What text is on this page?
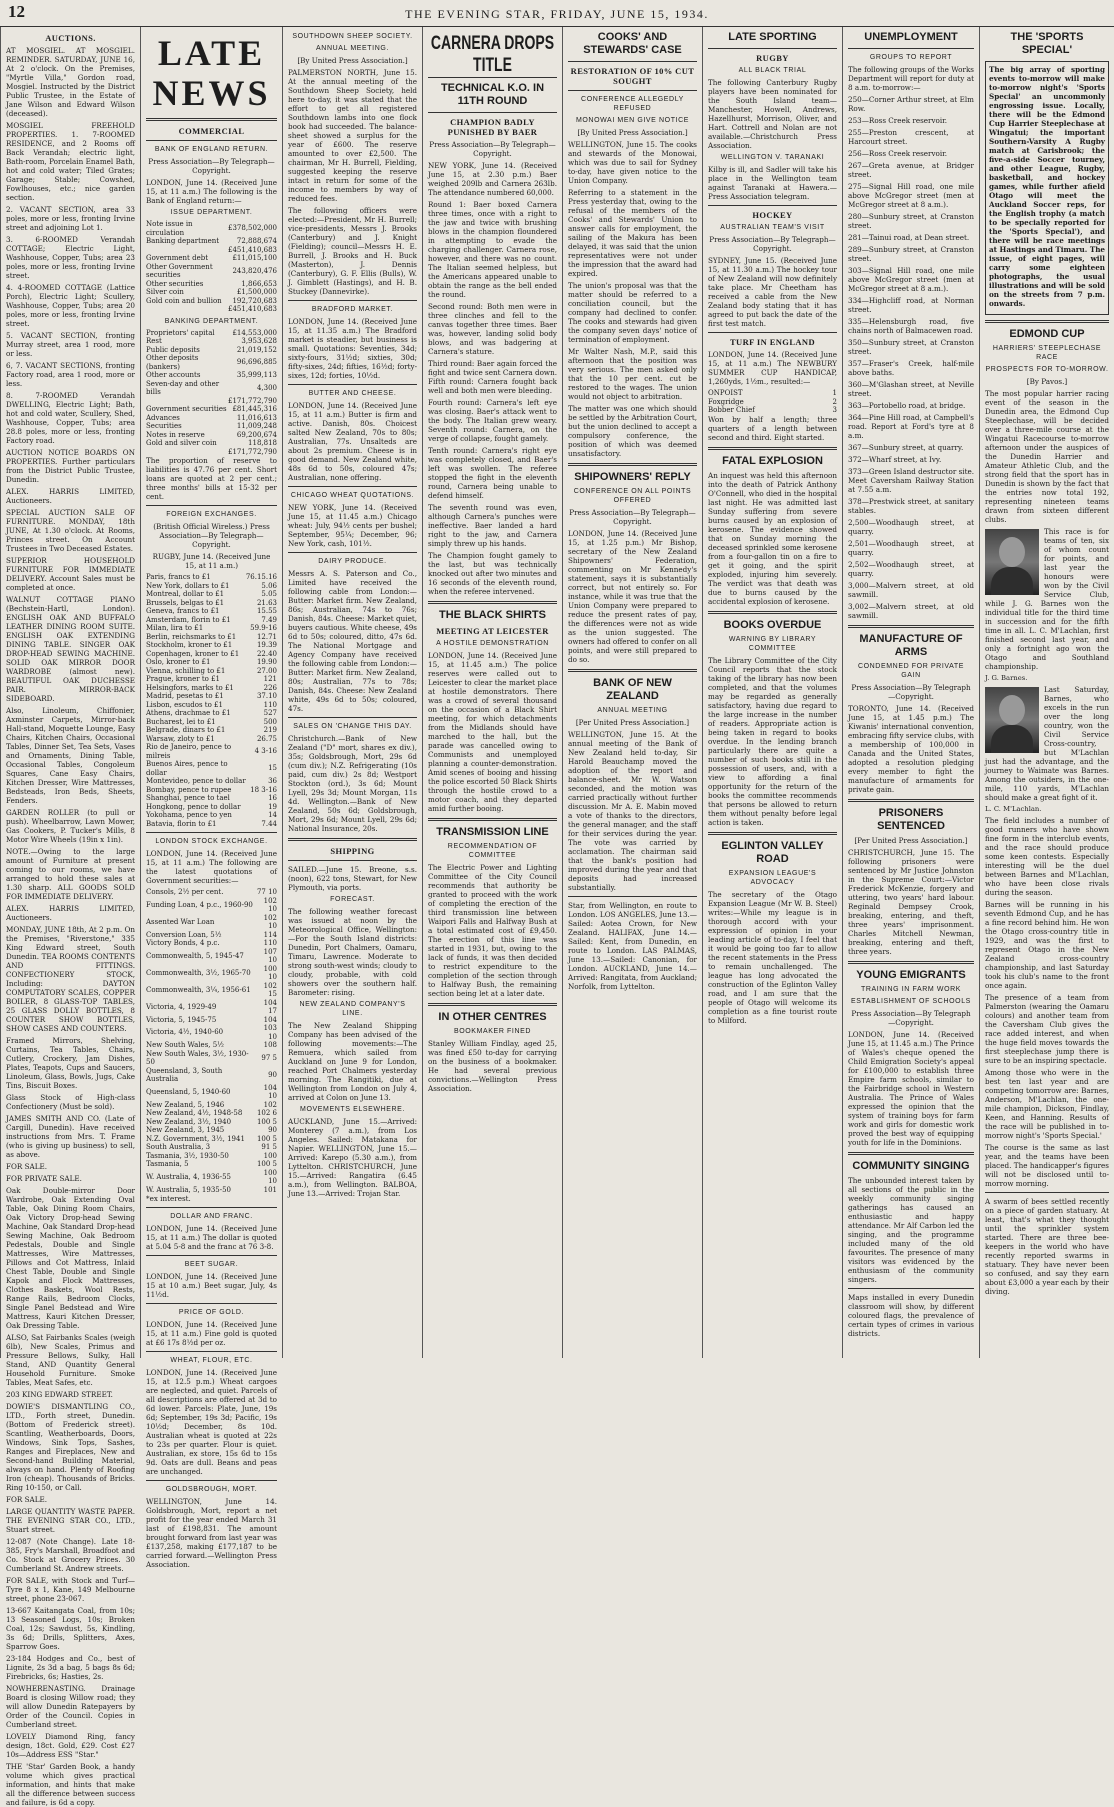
12	THE EVENING STAR, FRIDAY, JUNE 15, 1934.
AUCTIONS.

AT MOSGIEL. AT MOSGIEL. REMINDER. SATURDAY, JUNE 16, At 2 o'clock. On the Premises, "Myrtle Villa," Gordon road, Mosgiel. Instructed by the District Public Trustee, in the Estate of Jane Wilson and Edward Wilson (deceased).

MOSGIEL FREEHOLD PROPERTIES. 1. 7-ROOMED RESIDENCE, and 2 Rooms off Back Verandah; electric light, Bath-room, Porcelain Enamel Bath, hot and cold water; Tiled Grates; Garage; Stable; Cowshed, Fowlhouses, etc.; nice garden section.

2. VACANT SECTION, area 33 poles, more or less, fronting Irvine street and adjoining Lot 1.

3. 6-ROOMED Verandah COTTAGE; Electric Light, Washhouse, Copper, Tubs; area 23 poles, more or less, fronting Irvine street.

4. 4-ROOMED COTTAGE (Lattice Porch), Electric Light; Scullery, Washhouse, Copper, Tubs; area 20 poles, more or less, fronting Irvine street.

5. VACANT SECTION, fronting Murray street, area 1 rood, more or less.

6, 7. VACANT SECTIONS, fronting Factory road, area 1 rood, more or less.

8. 7-ROOMED Verandah DWELLING, Electric Light; Bath, hot and cold water, Scullery, Shed, Washhouse, Copper, Tubs; area 28.8 poles, more or less, fronting Factory road.

AUCTION NOTICE BOARDS ON PROPERTIES. Further particulars from the District Public Trustee, Dunedin.

ALEX. HARRIS LIMITED, Auctioneers.

SPECIAL AUCTION SALE OF FURNITURE. MONDAY, 18th JUNE, At 1.30 o'clock. At Rooms, Princes street. On Account Trustees in Two Deceased Estates.

SUPERIOR HOUSEHOLD FURNITURE FOR IMMEDIATE DELIVERY. Account Sales must be completed at once.

WALNUT COTTAGE PIANO (Bechstein-Hartl, London). ENGLISH OAK AND BUFFALO LEATHER DINING ROOM SUITE. ENGLISH OAK EXTENDING DINING TABLE. SINGER OAK DROP-HEAD SEWING MACHINE. SOLID OAK MIRROR DOOR WARDROBE (almost new). BEAUTIFUL OAK DUCHESSE PAIR. MIRROR-BACK SIDEBOARD.

Also, Linoleum, Chiffonier, Axminster Carpets, Mirror-back Hall-stand, Moquette Lounge, Easy Chairs, Kitchen Chairs, Occasional Tables, Dinner Set, Tea Sets, Vases and Ornaments, Dining Table, Occasional Tables, Congoleum Squares, Cane Easy Chairs, Kitchen Dresser, Wire Mattresses, Bedsteads, Iron Beds, Sheets, Fenders.

GARDEN ROLLER (to pull or push). Wheelbarrow, Lawn Mower, Gas Cookers, P. Tucker's Mills, 8 Motor Wire Wheels (19in x 1in).

NOTE.—Owing to the large amount of Furniture at present coming to our rooms, we have arranged to hold these sales at 1.30 sharp. ALL GOODS SOLD FOR IMMEDIATE DELIVERY.

ALEX. HARRIS LIMITED, Auctioneers.

MONDAY, JUNE 18th, At 2 p.m. On the Premises, "Riverstone," 335 King Edward street, South Dunedin. TEA ROOMS CONTENTS AND FITTINGS. CONFECTIONERY STOCK, Including: DAYTON COMPUTATORY SCALES, COPPER BOILER, 8 GLASS-TOP TABLES, 25 GLASS DOLLY BOTTLES, 8 COUNTER SHOW BOTTLES, SHOW CASES AND COUNTERS.

Framed Mirrors, Shelving, Curtains, Tea Tables, Chairs, Cutlery, Crockery, Jam Dishes, Plates, Teapots, Cups and Saucers, Linoleum, Glass, Bowls, Jugs, Cake Tins, Biscuit Boxes.

Glass Stock of High-class Confectionery (Must be sold).

JAMES SMITH AND CO. (Late of Cargill, Dunedin). Have received instructions from Mrs. T. Frame (who is giving up business) to sell, as above.

FOR SALE.

FOR PRIVATE SALE.

Oak Double-mirror Door Wardrobe, Oak Extending Oval Table, Oak Dining Room Chairs, Oak Victory Drop-head Sewing Machine, Oak Standard Drop-head Sewing Machine, Oak Bedroom Pedestals, Double and Single Mattresses, Wire Mattresses, Pillows and Cot Mattress, Inlaid Chest Table, Double and Single Kapok and Flock Mattresses, Clothes Baskets, Wool Rests, Range Rails, Bedroom Clocks, Single Panel Bedstead and Wire Mattress, Kauri Kitchen Dresser, Oak Dressing Table.

ALSO, Sat Fairbanks Scales (weigh 6lb), New Scales, Primus and Pressure Bellows, Sulky, Hall Stand, AND Quantity General Household Furniture. Smoke Tables, Meat Safes, etc.

203 KING EDWARD STREET.

DOWIE'S DISMANTLING CO., LTD., Forth street, Dunedin. (Bottom of Frederick street). Scantling, Weatherboards, Doors, Windows, Sink Tops, Sashes, Ranges and Fireplaces, New and Second-hand Building Material, always on hand. Plenty of Roofing Iron (cheap). Thousands of Bricks. Ring 10-150, or Call.

FOR SALE.

LARGE QUANTITY WASTE PAPER. THE EVENING STAR CO., LTD., Stuart street.

12-087 (Note Change). Late 18-385, Fry's Marshall, Broadfoot and Co. Stock at Grocery Prices. 30 Cumberland St. Andrew streets.

FOR SALE, with Stock and Turf—Tyre 8 x 1, Kane, 149 Melbourne street, phone 23-067.

13-667 Kaitangata Coal, from 10s; 13 Seasoned Logs, 10s; Broken Coal, 12s; Sawdust, 5s, Kindling, 3s 6d; Drills, Splitters, Axes, Sparrow Goes.

23-184 Hodges and Co., best of Lignite, 2s 3d a bag, 5 bags 8s 6d; Firebricks, 6s; Hasties, 2s.

NOWHERENASTING. Drainage Board is closing Willow road; they will allow Dunedin Ratepayers by Order of the Council. Copies in Cumberland street.

LOVELY Diamond Ring, fancy design, 18ct. Gold, £29. Cost £27 10s—Address ESS "Star."

THE 'Star' Garden Book, a handy volume which gives practical information, and hints that make all the difference between success and failure, is 6d a copy.

LATE NEWS
COMMERCIAL
BANK OF ENGLAND RETURN.

Press Association—By Telegraph—Copyright.

LONDON, June 14. (Received June 15, at 11 a.m.) The following is the Bank of England return:—

ISSUE DEPARTMENT.
Note issue in circulation	£378,502,000
Banking department	72,888,674
	£451,410,683
Government debt	£11,015,100
Other Government securities	243,820,476
Other securities	1,866,653
Silver coin	£1,500,000
Gold coin and bullion	192,720,683
	£451,410,683
BANKING DEPARTMENT.
Proprietors' capital	£14,553,000
Rest	3,953,628
Public deposits	21,019,152
Other deposits (bankers)	96,696,885
Other accounts	35,999,113
Seven-day and other bills	4,300
	£171,772,790
Government securities	£81,445,316
Advances	11,016,613
Securities	11,009,248
Notes in reserve	69,200,674
Gold and silver coin	118,818
	£171,772,790

The proportion of reserve to liabilities is 47.76 per cent. Short loans are quoted at 2 per cent.; three months' bills at 15-32 per cent.

FOREIGN EXCHANGES.

(British Official Wireless.) Press Association—By Telegraph—Copyright.

RUGBY, June 14. (Received June 15, at 11 a.m.)

Paris, francs to £1	76.15.16
New York, dollars to £1	5.06
Montreal, dollar to £1	5.05
Brussels, belgas to £1	21.63
Geneva, francs to £1	15.55
Amsterdam, florin to £1	7.49
Milan, lira to £1	59.9-16
Berlin, reichsmarks to £1	12.71
Stockholm, kroner to £1	19.39
Copenhagen, kroner to £1	22.40
Oslo, kroner to £1	19.90
Vienna, schilling to £1	27.00
Prague, kroner to £1	121
Helsingfors, marks to £1	226
Madrid, pesetas to £1	37.10
Lisbon, escudos to £1	110
Athens, drachmae to £1	527
Bucharest, lei to £1	500
Belgrade, dinars to £1	219
Warsaw, zloty to £1	26.75
Rio de Janeiro, pence to milreis	4 3-16
Buenos Aires, pence to dollar	15
Montevideo, pence to dollar	36
Bombay, pence to rupee	18 3-16
Shanghai, pence to tael	16
Hongkong, pence to dollar	19
Yokohama, pence to yen	14
Batavia, florin to £1	7.44
LONDON STOCK EXCHANGE.

LONDON, June 14. (Received June 15, at 11 a.m.) The following are the latest quotations of Government securities:—

Consols, 2½ per cent.	77 10
Funding Loan, 4 p.c., 1960-90	102 10
Assented War Loan	102 10
Conversion Loan, 5½	114
Victory Bonds, 4 p.c.	110
Commonwealth, 5, 1945-47	107 10
Commonwealth, 3½, 1965-70	100 10
Commonwealth, 3¼, 1956-61	102 15
Victoria, 4, 1929-49	104 17
Victoria, 5, 1945-75	104
Victoria, 4½, 1940-60	103 10
New South Wales, 5½	108
New South Wales, 3½, 1930-50	97 5
Queensland, 3, South Australia	90
Queensland, 5, 1940-60	104 10
New Zealand, 5, 1946	102
New Zealand, 4½, 1948-58	102 6
New Zealand, 3½, 1940	100 5
New Zealand, 3, 1945	90
N.Z. Government, 3½, 1941	100 5
South Australia, 3	91 5
Tasmania, 3½, 1930-50	100
Tasmania, 5	100 5
W. Australia, 4, 1936-55	100 10
W. Australia, 5, 1935-50	101

*ex interest.

DOLLAR AND FRANC.

LONDON, June 14. (Received June 15, at 11 a.m.) The dollar is quoted at 5.04 5-8 and the franc at 76 3-8.

BEET SUGAR.

LONDON, June 14. (Received June 15 at 10 a.m.) Beet sugar, July, 4s 11½d.

PRICE OF GOLD.

LONDON, June 14. (Received June 15, at 11 a.m.) Fine gold is quoted at £6 17s 8½d per oz.

WHEAT, FLOUR, ETC.

LONDON, June 14. (Received June 15, at 12.5 p.m.) Wheat cargoes are neglected, and quiet. Parcels of all descriptions are offered at 3d to 6d lower. Parcels: Plate, June, 19s 6d; September, 19s 3d; Pacific, 19s 10½d; December, 8s 10d. Australian wheat is quoted at 22s to 23s per quarter. Flour is quiet. Australian, ex store, 15s 6d to 15s 9d. Oats are dull. Beans and peas are unchanged.

GOLDSBROUGH, MORT.

WELLINGTON, June 14. Goldsbrough, Mort, report a net profit for the year ended March 31 last of £198,831. The amount brought forward from last year was £137,258, making £177,187 to be carried forward.—Wellington Press Association.

SOUTHDOWN SHEEP SOCIETY.
ANNUAL MEETING.

[By United Press Association.]

PALMERSTON NORTH, June 15. At the annual meeting of the Southdown Sheep Society, held here to-day, it was stated that the effort to get all registered Southdown lambs into one flock book had succeeded. The balance-sheet showed a surplus for the year of £600. The reserve amounted to over £2,500. The chairman, Mr H. Burrell, Fielding, suggested keeping the reserve intact in return for some of the income to members by way of reduced fees.

The following officers were elected:—President, Mr H. Burrell; vice-presidents, Messrs J. Brooks (Canterbury) and J. Knight (Fielding); council—Messrs H. E. Burrell, J. Brooks and H. Buck (Masterton), J. Dennis (Canterbury), G. F. Ellis (Bulls), W. J. Gimblett (Hastings), and H. B. Stuckey (Dannevirke).

BRADFORD MARKET.

LONDON, June 14. (Received June 15, at 11.35 a.m.) The Bradford market is steadier, but business is small. Quotations: Seventies, 34d; sixty-fours, 31½d; sixties, 30d; fifty-sixes, 24d; fifties, 16½d; forty-sixes, 12d; forties, 10½d.

BUTTER AND CHEESE.

LONDON, June 14. (Received June 15, at 11 a.m.) Butter is firm and active. Danish, 80s. Choicest salted New Zealand, 70s to 80s; Australian, 77s. Unsalteds are about 2s premium. Cheese is in good demand. New Zealand white, 48s 6d to 50s, coloured 47s; Australian, none offering.

CHICAGO WHEAT QUOTATIONS.

NEW YORK, June 14. (Received June 15, at 11.45 a.m.) Chicago wheat: July, 94½ cents per bushel; September, 95¼; December, 96; New York, cash, 101½.

DAIRY PRODUCE.

Messrs A. S. Paterson and Co., Limited have received the following cable from London:—Butter: Market firm. New Zealand, 86s; Australian, 74s to 76s; Danish, 84s. Cheese: Market quiet, buyers cautious. White cheese, 49s 6d to 50s; coloured, ditto, 47s 6d. The National Mortgage and Agency Company have received the following cable from London:—Butter: Market firm. New Zealand, 80s; Australian, 77s to 78s; Danish, 84s. Cheese: New Zealand white, 49s 6d to 50s; coloured, 47s.

SALES ON 'CHANGE THIS DAY.

Christchurch.—Bank of New Zealand ("D" mort, shares ex div.), 35s; Goldsbrough, Mort, 29s 6d (cum div.); N.Z. Refrigerating (10s paid, cum div.) 2s 8d; Westport Stockton (ord.), 3s 6d; Mount Lyell, 29s 3d; Mount Morgan, 11s 4d. Wellington.—Bank of New Zealand, 50s 6d; Goldsbrough, Mort, 29s 6d; Mount Lyell, 29s 6d; National Insurance, 20s.

SHIPPING

SAILED.—June 15. Breone, s.s. (noon), 622 tons, Stewart, for New Plymouth, via ports.

FORECAST.

The following weather forecast was issued at noon by the Meteorological Office, Wellington:—For the South Island districts: Dunedin, Port Chalmers, Oamaru, Timaru, Lawrence. Moderate to strong south-west winds; cloudy to cloudy, probable, with cold showers over the southern half. Barometer: rising.

NEW ZEALAND COMPANY'S LINE.

The New Zealand Shipping Company has been advised of the following movements:—The Remuera, which sailed from Auckland on June 9 for London, reached Port Chalmers yesterday morning. The Rangitiki, due at Wellington from London on July 4, arrived at Colon on June 13.

MOVEMENTS ELSEWHERE.

AUCKLAND, June 15.—Arrived: Monterey (7 a.m.), from Los Angeles. Sailed: Matakana for Napier. WELLINGTON, June 15.—Arrived: Karepo (5.30 a.m.), from Lyttelton. CHRISTCHURCH, June 15.—Arrived: Rangatira (6.45 a.m.), from Wellington. BALBOA, June 13.—Arrived: Trojan Star.

CARNERA DROPS TITLE
TECHNICAL K.O. IN 11TH ROUND
CHAMPION BADLY PUNISHED BY BAER

Press Association—By Telegraph—Copyright.

NEW YORK, June 14. (Received June 15, at 2.30 p.m.) Baer weighed 209lb and Carnera 263lb. The attendance numbered 60,000.

Round 1: Baer boxed Carnera three times, once with a right to the jaw and twice with brushing blows in the champion floundered in attempting to evade the charging challenger. Carnera rose, however, and there was no count. The Italian seemed helpless, but the Americans appeared unable to obtain the range as the bell ended the round.

Second round: Both men were in three clinches and fell to the canvas together three times. Baer was, however, landing solid body blows, and was badgering at Carnera's stature.

Third round: Baer again forced the fight and twice sent Carnera down. Fifth round: Carnera fought back well and both men were bleeding.

Fourth round: Carnera's left eye was closing. Baer's attack went to the body. The Italian grew weary. Seventh round: Carnera, on the verge of collapse, fought gamely.

Tenth round: Carnera's right eye was completely closed, and Baer's left was swollen. The referee stopped the fight in the eleventh round, Carnera being unable to defend himself.

The seventh round was even, although Carnera's punches were ineffective. Baer landed a hard right to the jaw, and Carnera simply threw up his hands.

The Champion fought gamely to the last, but was technically knocked out after two minutes and 16 seconds of the eleventh round, when the referee intervened.

THE BLACK SHIRTS
MEETING AT LEICESTER
A HOSTILE DEMONSTRATION

LONDON, June 14. (Received June 15, at 11.45 a.m.) The police reserves were called out to Leicester to clear the market place at hostile demonstrators. There was a crowd of several thousand on the occasion of a Black Shirt meeting, for which detachments from the Midlands should have marched to the hall, but the parade was cancelled owing to Communists and unemployed planning a counter-demonstration. Amid scenes of booing and hissing the police escorted 50 Black Shirts through the hostile crowd to a motor coach, and they departed amid further booing.

TRANSMISSION LINE
RECOMMENDATION OF COMMITTEE

The Electric Power and Lighting Committee of the City Council recommends that authority be granted to proceed with the work of completing the erection of the third transmission line between Waipori Falls and Halfway Bush at a total estimated cost of £9,450. The erection of this line was started in 1931, but, owing to the lack of funds, it was then decided to restrict expenditure to the completion of the section through to Halfway Bush, the remaining section being let at a later date.

IN OTHER CENTRES
BOOKMAKER FINED

Stanley William Findlay, aged 25, was fined £50 to-day for carrying on the business of a bookmaker. He had several previous convictions.—Wellington Press Association.

COOKS' AND STEWARDS' CASE
RESTORATION OF 10% CUT SOUGHT
CONFERENCE ALLEGEDLY REFUSED
MONOWAI MEN GIVE NOTICE

[By United Press Association.]

WELLINGTON, June 15. The cooks and stewards of the Monowai, which was due to sail for Sydney to-day, have given notice to the Union Company.

Referring to a statement in the Press yesterday that, owing to the refusal of the members of the Cooks' and Stewards' Union to answer calls for employment, the sailing of the Makura has been delayed, it was said that the union representatives were not under the impression that the award had expired.

The union's proposal was that the matter should be referred to a conciliation council, but the company had declined to confer. The cooks and stewards had given the company seven days' notice of termination of employment.

Mr Walter Nash, M.P., said this afternoon that the position was very serious. The men asked only that the 10 per cent. cut be restored to the wages. The union would not object to arbitration.

The matter was one which should be settled by the Arbitration Court, but the union declined to accept a compulsory conference, the position of which was deemed unsatisfactory.

SHIPOWNERS' REPLY
CONFERENCE ON ALL POINTS OFFERED

Press Association—By Telegraph—Copyright.

LONDON, June 14. (Received June 15, at 1.25 p.m.) Mr Bishop, secretary of the New Zealand Shipowners' Federation, commenting on Mr Kennedy's statement, says it is substantially correct, but not entirely so. For instance, while it was true that the Union Company were prepared to reduce the present rates of pay, the differences were not as wide as the union suggested. The owners had offered to confer on all points, and were still prepared to do so.

BANK OF NEW ZEALAND
ANNUAL MEETING

[Per United Press Association.]

WELLINGTON, June 15. At the annual meeting of the Bank of New Zealand held to-day, Sir Harold Beauchamp moved the adoption of the report and balance-sheet. Mr W. Watson seconded, and the motion was carried practically without further discussion. Mr A. E. Mabin moved a vote of thanks to the directors, the general manager, and the staff for their services during the year. The vote was carried by acclamation. The chairman said that the bank's position had improved during the year and that deposits had increased substantially.

Star, from Wellington, en route to London. LOS ANGELES, June 13.—Sailed: Aotea Crown, for New Zealand. HALIFAX, June 14.—Sailed: Kent, from Dunedin, en route to London. LAS PALMAS, June 13.—Sailed: Canonian, for London. AUCKLAND, June 14.—Arrived: Rangitata, from Auckland; Norfolk, from Lyttelton.

LATE SPORTING
RUGBY
ALL BLACK TRIAL

The following Canterbury Rugby players have been nominated for the South Island team—Manchester, Howell, Andrews, Hazellhurst, Morrison, Oliver, and Hart. Cottrell and Nolan are not available.—Christchurch Press Association.

WELLINGTON V. TARANAKI

Kilby is ill, and Sadler will take his place in the Wellington team against Taranaki at Hawera.—Press Association telegram.

HOCKEY
AUSTRALIAN TEAM'S VISIT

Press Association—By Telegraph—Copyright.

SYDNEY, June 15. (Received June 15, at 11.30 a.m.) The hockey tour of New Zealand will now definitely take place. Mr Cheetham has received a cable from the New Zealand body stating that it has agreed to put back the date of the first test match.

TURF IN ENGLAND

LONDON, June 14. (Received June 15, at 11 a.m.) The NEWBURY SUMMER CUP HANDICAP, 1,260yds, 1½m., resulted:—

ONPOIST	1
Foxgridge	2
Bobber Chief	3

Won by half a length; three quarters of a length between second and third. Eight started.

FATAL EXPLOSION

An inquest was held this afternoon into the death of Patrick Anthony O'Connell, who died in the hospital last night. He was admitted last Sunday suffering from severe burns caused by an explosion of kerosene. The evidence showed that on Sunday morning the deceased sprinkled some kerosene from a four-gallon tin on a fire to get it going, and the spirit exploded, injuring him severely. The verdict was that death was due to burns caused by the accidental explosion of kerosene.

BOOKS OVERDUE
WARNING BY LIBRARY COMMITTEE

The Library Committee of the City Council reports that the stock taking of the library has now been completed, and that the volumes may be regarded as generally satisfactory, having due regard to the large increase in the number of readers. Appropriate action is being taken in regard to books overdue. In the lending branch particularly there are quite a number of such books still in the possession of users, and, with a view to affording a final opportunity for the return of the books the committee recommends that persons be allowed to return them without penalty before legal action is taken.

EGLINTON VALLEY ROAD
EXPANSION LEAGUE'S ADVOCACY

The secretary of the Otago Expansion League (Mr W. B. Steel) writes:—While my league is in thorough accord with your expression of opinion in your leading article of to-day, I feel that it would be going too far to allow the recent statements in the Press to remain unchallenged. The league has long advocated the construction of the Eglinton Valley road, and I am sure that the people of Otago will welcome its completion as a fine tourist route to Milford.

UNEMPLOYMENT
GROUPS TO REPORT

The following groups of the Works Department will report for duty at 8 a.m. to-morrow:—

250—Corner Arthur street, at Elm Row.

253—Ross Creek reservoir.

255—Preston crescent, at Harcourt street.

256—Ross Creek reservoir.

267—Greta avenue, at Bridger street.

275—Signal Hill road, one mile above McGregor street (men at McGregor street at 8 a.m.).

280—Sunbury street, at Cranston street.

281—Tainui road, at Dean street.

289—Sunbury street, at Cranston street.

303—Signal Hill road, one mile above McGregor street (men at McGregor street at 8 a.m.).

334—Highcliff road, at Norman street.

335—Helensburgh road, five chains north of Balmacewen road.

350—Sunbury street, at Cranston street.

357—Fraser's Creek, half-mile above baths.

360—M'Glashan street, at Neville street.

363—Portobello road, at bridge.

364—Pine Hill road, at Campbell's road. Report at Ford's tyre at 8 a.m.

367—Sunbury street, at quarry.

372—Wharf street, at Ivy.

373—Green Island destructor site. Meet Caversham Railway Station at 7.55 a.m.

378—Prestwick street, at sanitary stables.

2,500—Woodhaugh street, at quarry.

2,501—Woodhaugh street, at quarry.

2,502—Woodhaugh street, at quarry.

3,000—Malvern street, at old sawmill.

3,002—Malvern street, at old sawmill.

MANUFACTURE OF ARMS
CONDEMNED FOR PRIVATE GAIN

Press Association—By Telegraph—Copyright.

TORONTO, June 14. (Received June 15, at 1.45 p.m.) The Kiwanis' international convention, embracing fifty service clubs, with a membership of 100,000 in Canada and the United States, adopted a resolution pledging every member to fight the manufacture of armaments for private gain.

PRISONERS SENTENCED

[Per United Press Association.]

CHRISTCHURCH, June 15. The following prisoners were sentenced by Mr Justice Johnston in the Supreme Court:—Victor Frederick McKenzie, forgery and uttering, two years' hard labour. Reginald Dempsey Crook, breaking, entering, and theft, three years' imprisonment. Charles Mitchell Newman, breaking, entering and theft, three years.

YOUNG EMIGRANTS
TRAINING IN FARM WORK
ESTABLISHMENT OF SCHOOLS

Press Association—By Telegraph—Copyright.

LONDON, June 14. (Received June 15, at 11.45 a.m.) The Prince of Wales's cheque opened the Child Emigration Society's appeal for £100,000 to establish three Empire farm schools, similar to the Fairbridge school in Western Australia. The Prince of Wales expressed the opinion that the system of training boys for farm work and girls for domestic work proved the best way of equipping youth for life in the Dominions.

COMMUNITY SINGING

The unbounded interest taken by all sections of the public in the weekly community singing gatherings has caused an enthusiastic and happy attendance. Mr Alf Carbon led the singing, and the programme included many of the old favourites. The presence of many visitors was evidenced by the enthusiasm of the community singers.

Maps installed in every Dunedin classroom will show, by different coloured flags, the prevalence of certain types of crimes in various districts.

THE 'SPORTS SPECIAL'

The big array of sporting events to-morrow will make to-morrow night's 'Sports Special' an uncommonly engrossing issue. Locally, there will be the Edmond Cup Harrier Steeplechase at Wingatui; the important Southern-Varsity A Rugby match at Carisbrook; the five-a-side Soccer tourney, and other League, Rugby, basketball, and hockey games, while further afield Otago will meet the Auckland Soccer reps, for the English trophy (a match to be specially reported for the 'Sports Special'), and there will be race meetings at Hastings and Timaru. The issue, of eight pages, will carry some eighteen photographs, the usual illustrations and will be sold on the streets from 7 p.m. onwards.

EDMOND CUP
HARRIERS' STEEPLECHASE RACE
PROSPECTS FOR TO-MORROW.

[By Pavos.]

The most popular harrier racing event of the season in the Dunedin area, the Edmond Cup Steeplechase, will be decided over a three-mile course at the Wingatui Racecourse to-morrow afternoon under the auspices of the Dunedin Harrier and Amateur Athletic Club, and the strong field that the sport has in Dunedin is shown by the fact that the entries now total 192, representing nineteen teams drawn from sixteen different clubs.

This race is for teams of ten, six of whom count for points, and last year the honours were won by the Civil Service Club, while J. G. Barnes won the individual title for the third time in succession and for the fifth time in all. L. C. M'Lachlan, first finished second last year, and only a fortnight ago won the Otago and Southland championship.

J. G. Barnes.

Last Saturday, Barnes, who excels in the run over the long country, won the Civil Service Cross-country, but M'Lachlan just had the advantage, and the journey to Waimate was Barnes. Among the outsiders, in the one-mile, 110 yards, M'Lachlan should make a great fight of it.

L. C. M'Lachlan.

The field includes a number of good runners who have shown fine form in the interclub events, and the race should produce some keen contests. Especially interesting will be the duel between Barnes and M'Lachlan, who have been close rivals during the season.

Barnes will be running in his seventh Edmond Cup, and he has a fine record behind him. He won the Otago cross-country title in 1929, and was the first to represent Otago in the New Zealand cross-country championship, and last Saturday took his club's name to the front once again.

The presence of a team from Palmerston (wearing the Oamaru colours) and another team from the Caversham Club gives the race added interest, and when the huge field moves towards the first steeplechase jump there is sure to be an inspiring spectacle.

Among those who were in the best ten last year and are competing tomorrow are: Barnes, Anderson, M'Lachlan, the one-mile champion, Dickson, Findlay, Keen, and Hanning. Results of the race will be published in to-morrow night's 'Sports Special.'

The course is the same as last year, and the teams have been placed. The handicapper's figures will not be disclosed until to-morrow morning.

A swarm of bees settled recently on a piece of garden statuary. At least, that's what they thought until the sprinkler system started. There are three bee-keepers in the world who have recently reported swarms in statuary. They have never been so confused, and say they earn about £3,000 a year each by their diving.
